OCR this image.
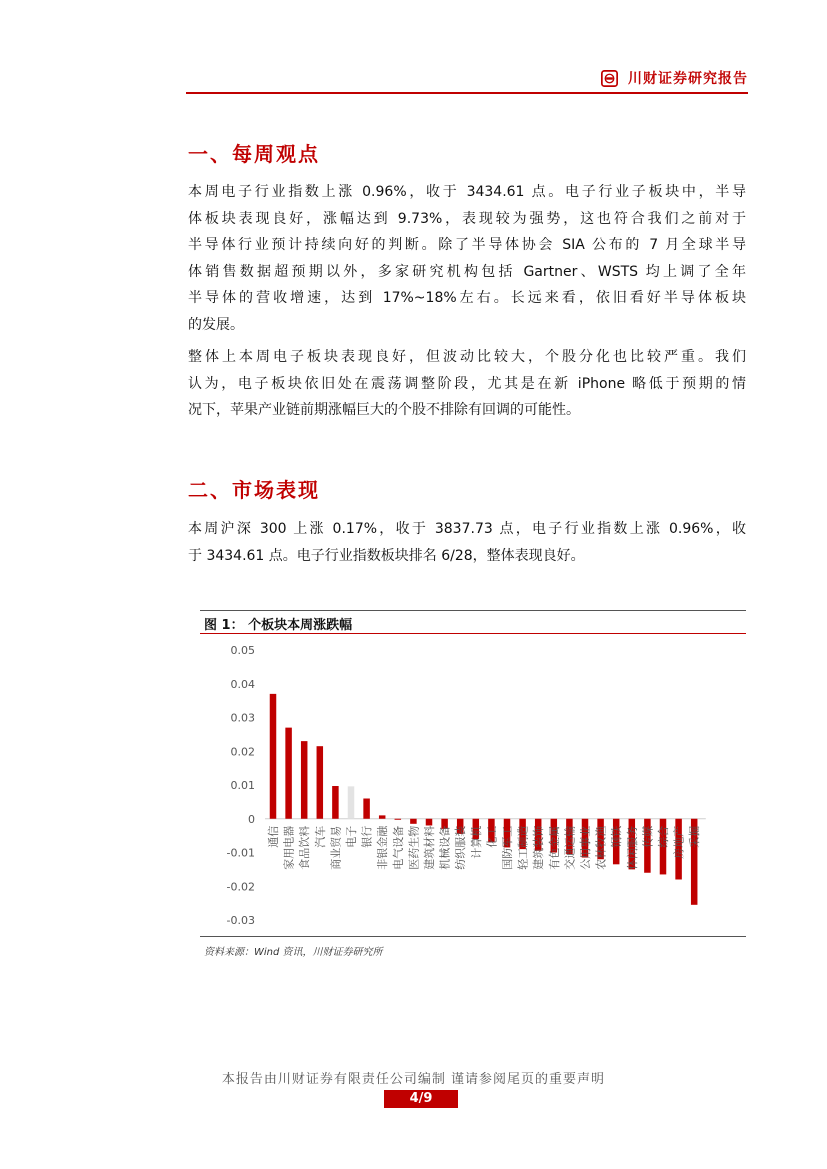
川财证券研究报告
一、每周观点

本周电子行业指数上涨 0.96%，收于 3434.61 点。电子行业子板块中，半导
体板块表现良好，涨幅达到 9.73%，表现较为强势，这也符合我们之前对于
半导体行业预计持续向好的判断。除了半导体协会 SIA 公布的 7 月全球半导
体销售数据超预期以外，多家研究机构包括 Gartner、WSTS 均上调了全年
半导体的营收增速，达到 17%~18%左右。长远来看，依旧看好半导体板块
的发展。

整体上本周电子板块表现良好，但波动比较大，个股分化也比较严重。我们
认为，电子板块依旧处在震荡调整阶段，尤其是在新 iPhone 略低于预期的情
况下，苹果产业链前期涨幅巨大的个股不排除有回调的可能性。

二、市场表现

本周沪深 300 上涨 0.17%，收于 3837.73 点，电子行业指数上涨 0.96%，收
于 3434.61 点。电子行业指数板块排名 6/28，整体表现良好。

图 1： 个板块本周涨跌幅
0.05
0.04
0.03
0.02
0.01
0
-0.01
-0.02
-0.03
通信 家用电器 食品饮料 汽车 商业贸易 电子 银行 非银金融 电气设备 医药生物 建筑材料 机械设备 纺织服装 计算机 化工 国防军工 轻工制造 建筑装饰 有色金属 交通运输 公用事业 农林牧渔 钢铁 休闲服务 传媒 综合 房地产 采掘
资料来源：Wind 资讯，川财证券研究所
本报告由川财证券有限责任公司编制 谨请参阅尾页的重要声明
4/9
